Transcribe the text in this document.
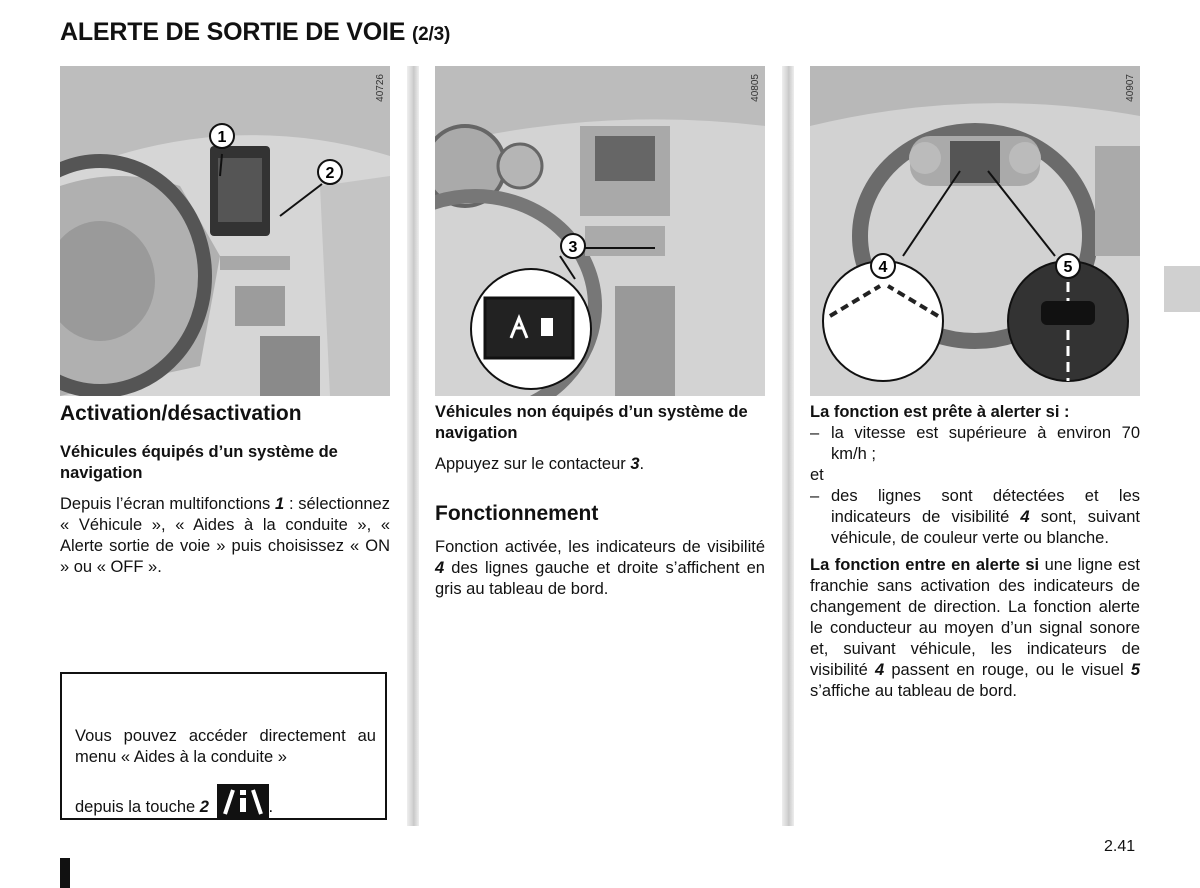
ALERTE DE SORTIE DE VOIE (2/3)
1
2
40726
3
40805
4	5
40907
Activation/désactivation

Véhicules équipés d’un système de navigation

Depuis l’écran multifonctions 1 : sélectionnez « Véhicule », « Aides à la conduite », « Alerte sortie de voie » puis choisissez « ON » ou « OFF ».

Vous pouvez accéder directement au menu « Aides à la conduite »

depuis la touche 2	.

Véhicules non équipés d’un système de navigation

Appuyez sur le contacteur 3.

Fonctionnement

Fonction activée, les indicateurs de visibilité 4 des lignes gauche et droite s’affichent en gris au tableau de bord.

La fonction est prête à alerter si :

– la vitesse est supérieure à environ 70 km/h ;

et

– des lignes sont détectées et les indicateurs de visibilité 4 sont, suivant véhicule, de couleur verte ou blanche.

La fonction entre en alerte si une ligne est franchie sans activation des indicateurs de changement de direction. La fonction alerte le conducteur au moyen d’un signal sonore et, suivant véhicule, les indicateurs de visibilité 4 passent en rouge, ou le visuel 5 s’affiche au tableau de bord.

2.41
